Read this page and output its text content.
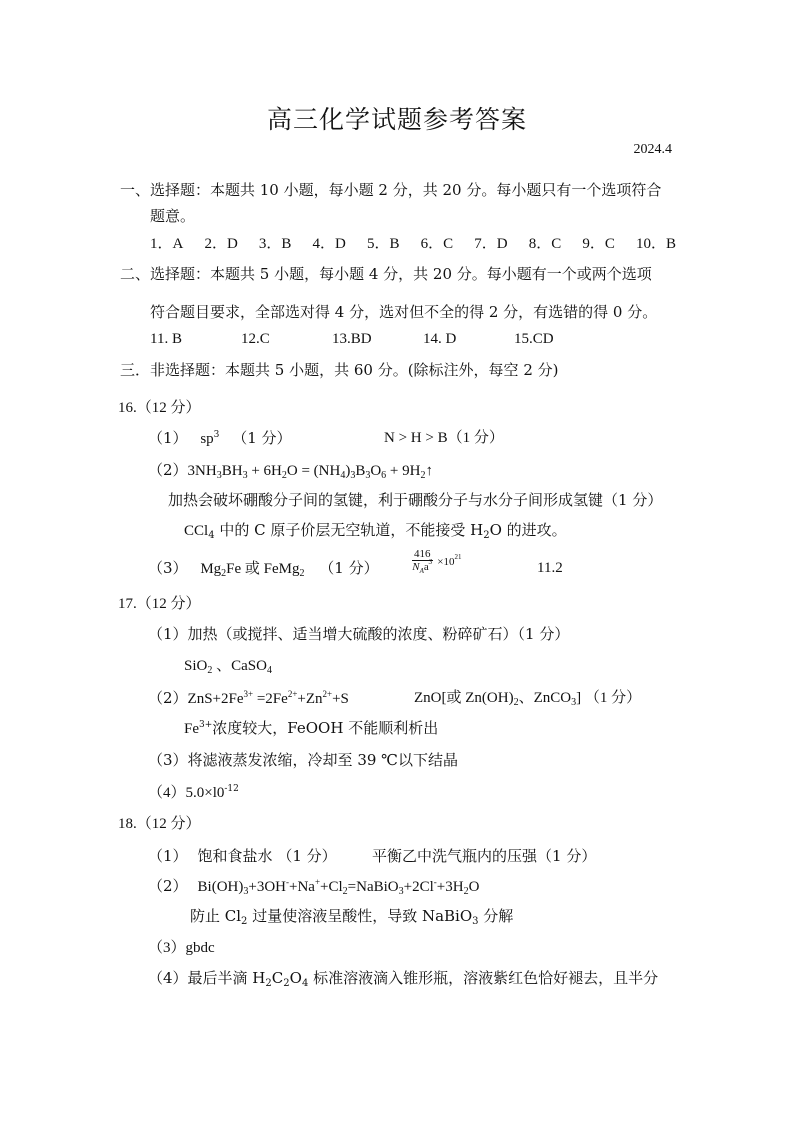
高三化学试题参考答案
2024.4
一、选择题：本题共 10 小题，每小题 2 分，共 20 分。每小题只有一个选项符合
题意。
1．A 2．D 3．B 4．D 5．B 6．C 7．D 8．C 9．C 10．B
二、选择题：本题共 5 小题，每小题 4 分，共 20 分。每小题有一个或两个选项
符合题目要求，全部选对得 4 分，选对但不全的得 2 分，有选错的得 0 分。
11. B	12.C	13.BD	14. D	15.CD
三．非选择题：本题共 5 小题，共 60 分。(除标注外，每空 2 分)
16.（12 分）
（1） $sp^3$ （1 分）	N > H > B（1 分）
$(2)3NH_3BH_3 + 6H_2O = (NH_4)_3B_3O_6$ + $9H_2↑$
加热会破坏硼酸分子间的氢键，利于硼酸分子与水分子间形成氢键（1 分）
CCl$_4$ 中的 C 原子价层无空轨道，不能接受 $H_2O$ 的进攻。
（3） $Mg_2Fe$ 或 FeMg$_2$ （1 分）	$\frac{416}{N_Aa^3} \times 10^{21}$
11.2
17.（12 分）
（1）加热（或搅拌、适当增大硫酸的浓度、粉碎矿石）（1 分）
SiO$_2$ 、CaSO$_4$
$(2)ZnS+2Fe^{3+} =2Fe^{2+}+Zn^{2+}+S$	ZnO[或 $Zn(OH)_2$、ZnCO$_3$] （1 分）
$Fe^{3+}$浓度较大，FeOOH 不能顺利析出
（3）将滤液蒸发浓缩，冷却至 39 ℃以下结晶
$(4)5.0\times l0^{-12}$
18.（12 分）
（1） 饱和食盐水 （1 分） 平衡乙中洗气瓶内的压强（1 分）
（2） $Bi(OH)_3+3OH^-+Na^++Cl_2=NaBiO_3+2Cl^-+3H_2O$
防止 $Cl_2$ 过量使溶液呈酸性，导致 NaBiO$_3$ 分解
（3）gbdc
（4）最后半滴 $H_2C_2O_4$ 标准溶液滴入锥形瓶，溶液紫红色恰好褪去，且半分
